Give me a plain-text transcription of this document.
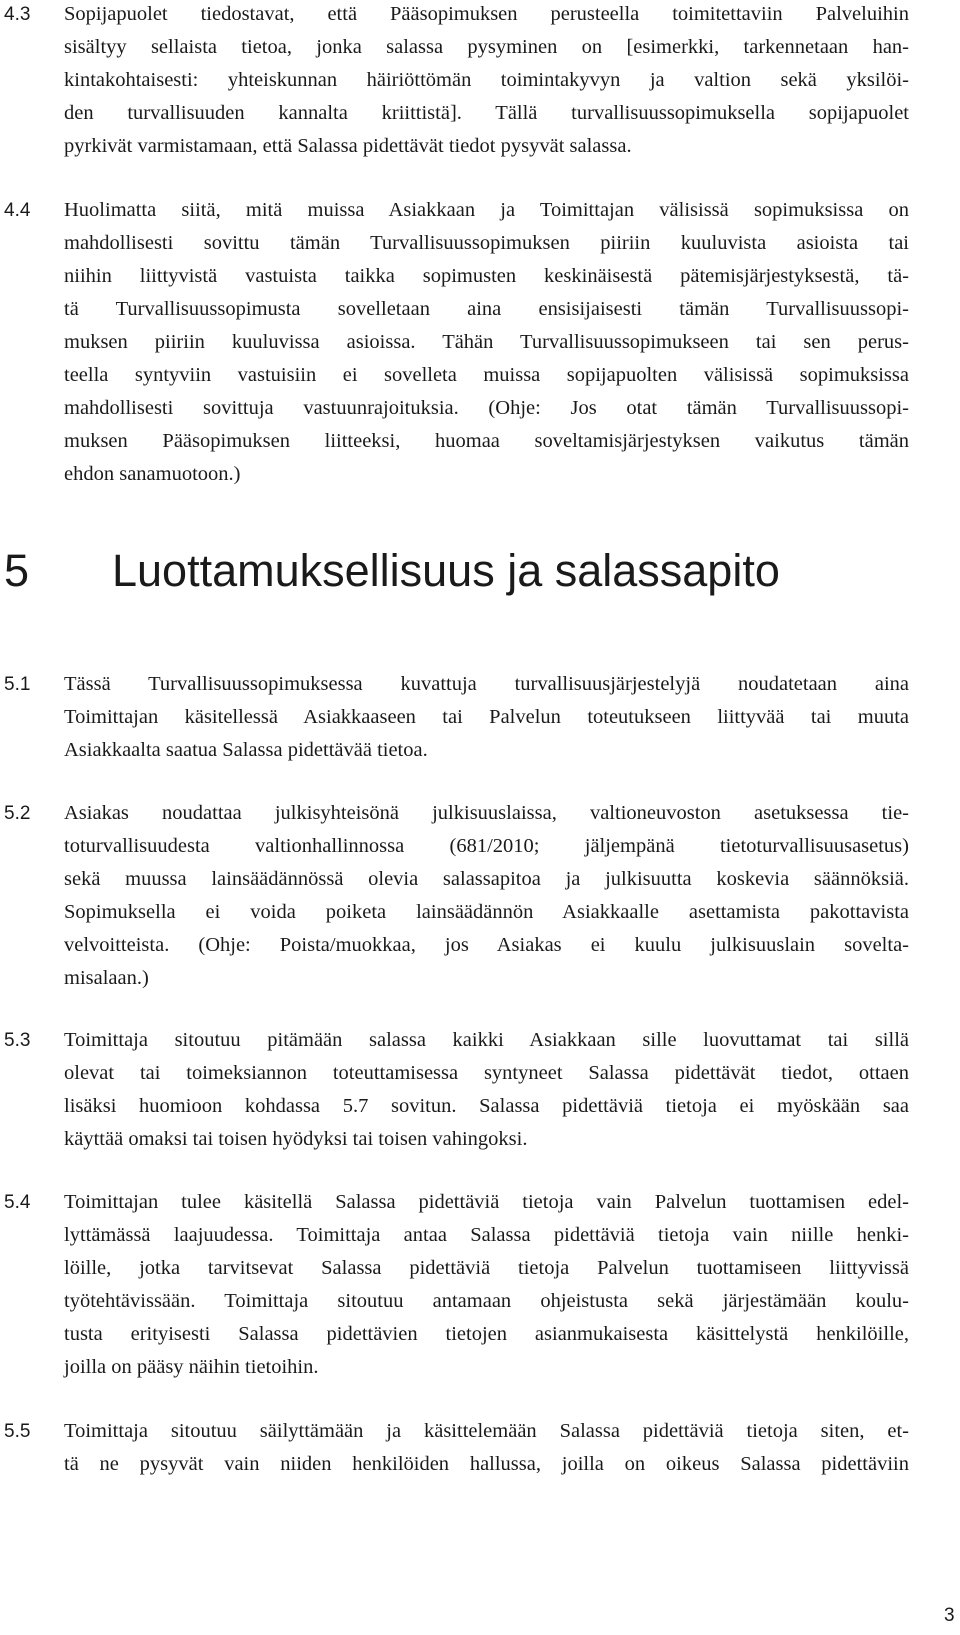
4.3	Sopijapuolet tiedostavat, että Pääsopimuksen perusteella toimitettaviin Palveluihin
sisältyy sellaista tietoa, jonka salassa pysyminen on [esimerkki, tarkennetaan han-
kintakohtaisesti: yhteiskunnan häiriöttömän toimintakyvyn ja valtion sekä yksilöi-
den turvallisuuden kannalta kriittistä]. Tällä turvallisuussopimuksella sopijapuolet
pyrkivät varmistamaan, että Salassa pidettävät tiedot pysyvät salassa.
4.4	Huolimatta siitä, mitä muissa Asiakkaan ja Toimittajan välisissä sopimuksissa on
mahdollisesti sovittu tämän Turvallisuussopimuksen piiriin kuuluvista asioista tai
niihin liittyvistä vastuista taikka sopimusten keskinäisestä pätemisjärjestyksestä, tä-
tä Turvallisuussopimusta sovelletaan aina ensisijaisesti tämän Turvallisuussopi-
muksen piiriin kuuluvissa asioissa. Tähän Turvallisuussopimukseen tai sen perus-
teella syntyviin vastuisiin ei sovelleta muissa sopijapuolten välisissä sopimuksissa
mahdollisesti sovittuja vastuunrajoituksia. (Ohje: Jos otat tämän Turvallisuussopi-
muksen Pääsopimuksen liitteeksi, huomaa soveltamisjärjestyksen vaikutus tämän
ehdon sanamuotoon.)
5 Luottamuksellisuus ja salassapito
5.1	Tässä Turvallisuussopimuksessa kuvattuja turvallisuusjärjestelyjä noudatetaan aina
Toimittajan käsitellessä Asiakkaaseen tai Palvelun toteutukseen liittyvää tai muuta
Asiakkaalta saatua Salassa pidettävää tietoa.
5.2	Asiakas noudattaa julkisyhteisönä julkisuuslaissa, valtioneuvoston asetuksessa tie-
toturvallisuudesta valtionhallinnossa (681/2010; jäljempänä tietoturvallisuusasetus)
sekä muussa lainsäädännössä olevia salassapitoa ja julkisuutta koskevia säännöksiä.
Sopimuksella ei voida poiketa lainsäädännön Asiakkaalle asettamista pakottavista
velvoitteista. (Ohje: Poista/muokkaa, jos Asiakas ei kuulu julkisuuslain sovelta-
misalaan.)
5.3	Toimittaja sitoutuu pitämään salassa kaikki Asiakkaan sille luovuttamat tai sillä
olevat tai toimeksiannon toteuttamisessa syntyneet Salassa pidettävät tiedot, ottaen
lisäksi huomioon kohdassa 5.7 sovitun. Salassa pidettäviä tietoja ei myöskään saa
käyttää omaksi tai toisen hyödyksi tai toisen vahingoksi.
5.4	Toimittajan tulee käsitellä Salassa pidettäviä tietoja vain Palvelun tuottamisen edel-
lyttämässä laajuudessa. Toimittaja antaa Salassa pidettäviä tietoja vain niille henki-
löille, jotka tarvitsevat Salassa pidettäviä tietoja Palvelun tuottamiseen liittyvissä
työtehtävissään. Toimittaja sitoutuu antamaan ohjeistusta sekä järjestämään koulu-
tusta erityisesti Salassa pidettävien tietojen asianmukaisesta käsittelystä henkilöille,
joilla on pääsy näihin tietoihin.
5.5	Toimittaja sitoutuu säilyttämään ja käsittelemään Salassa pidettäviä tietoja siten, et-
tä ne pysyvät vain niiden henkilöiden hallussa, joilla on oikeus Salassa pidettäviin
3
